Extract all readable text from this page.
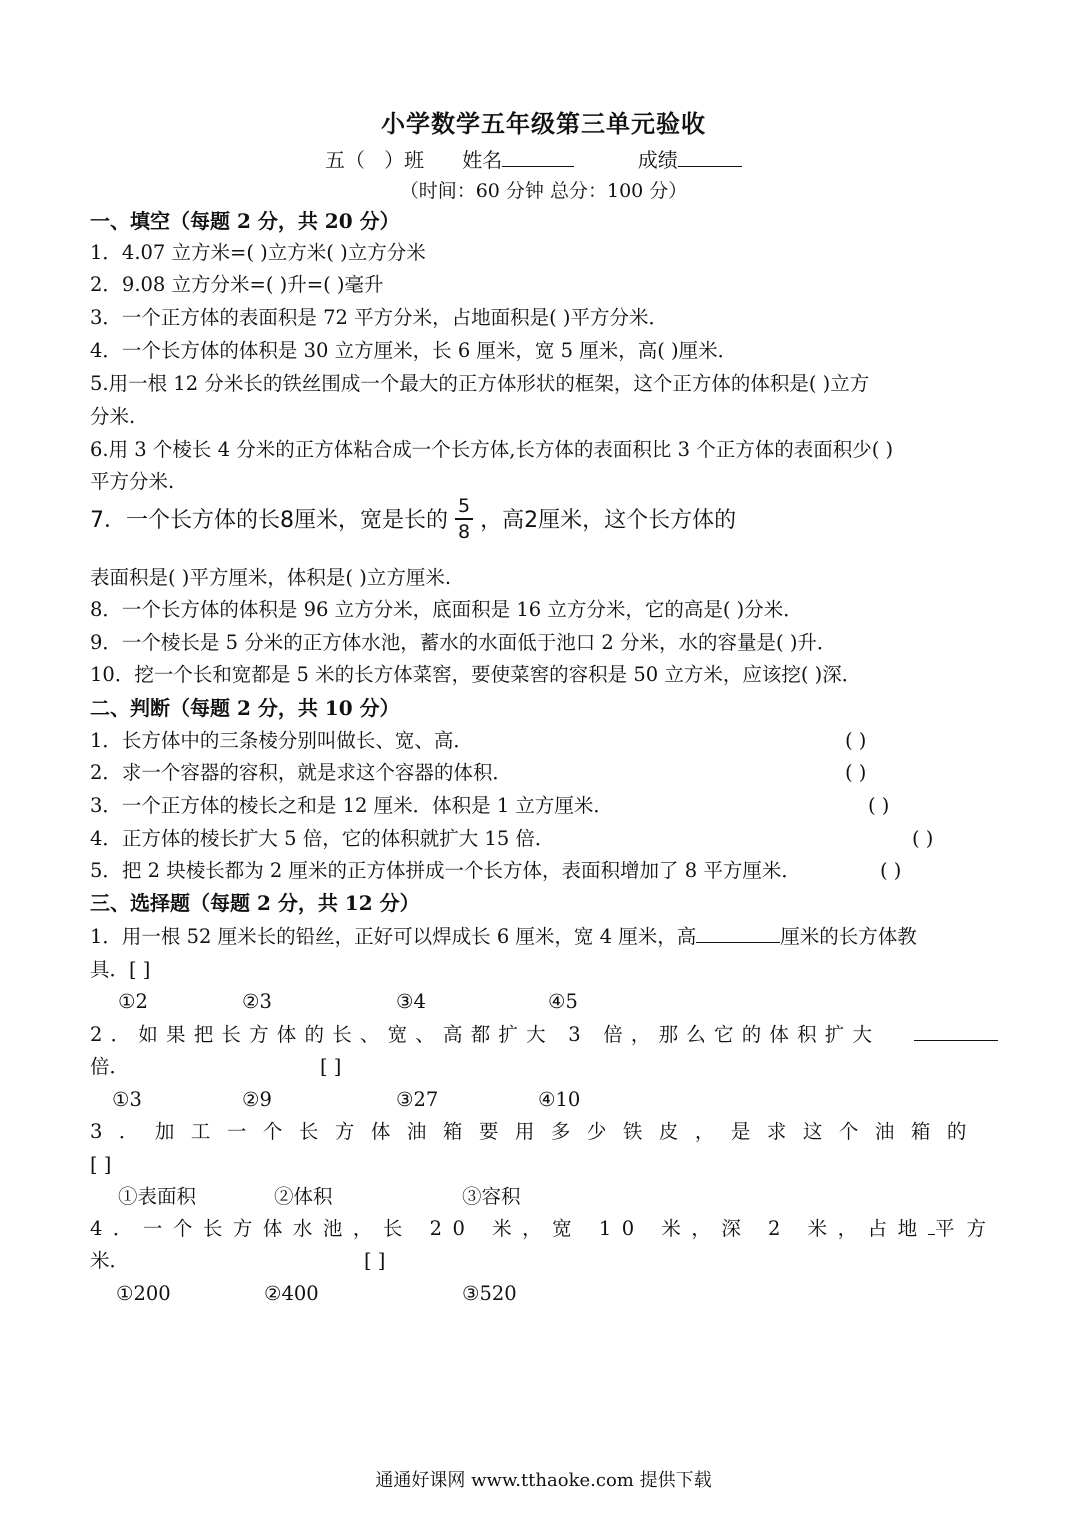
小学数学五年级第三单元验收
五（   ）班      姓名	成绩
（时间：60 分钟 总分：100 分）
一、填空（每题 2 分，共 20 分）
1．4.07 立方米=( )立方米( )立方分米
2．9.08 立方分米=( )升=( )毫升
3．一个正方体的表面积是 72 平方分米，占地面积是( )平方分米．
4．一个长方体的体积是 30 立方厘米，长 6 厘米，宽 5 厘米，高( )厘米．
5.用一根 12 分米长的铁丝围成一个最大的正方体形状的框架，这个正方体的体积是( )立方
分米.
6.用 3 个棱长 4 分米的正方体粘合成一个长方体,长方体的表面积比 3 个正方体的表面积少( )
平方分米.
7．一个长方体的长8厘米，宽是长的 $\frac{5}{8}$ ，高2厘米，这个长方体的
表面积是( )平方厘米，体积是( )立方厘米.
8．一个长方体的体积是 96 立方分米，底面积是 16 立方分米，它的高是( )分米．
9．一个棱长是 5 分米的正方体水池，蓄水的水面低于池口 2 分米，水的容量是( )升．
10．挖一个长和宽都是 5 米的长方体菜窖，要使菜窖的容积是 50 立方米，应该挖( )深．
二、判断（每题 2 分，共 10 分）
1．长方体中的三条棱分别叫做长、宽、高．	( )
2．求一个容器的容积，就是求这个容器的体积．	( )
3．一个正方体的棱长之和是 12 厘米．体积是 1 立方厘米．	( )
4．正方体的棱长扩大 5 倍，它的体积就扩大 15 倍．	( )
5．把 2 块棱长都为 2 厘米的正方体拼成一个长方体，表面积增加了 8 平方厘米．	( )
三、选择题（每题 2 分，共 12 分）
1．用一根 52 厘米长的铅丝，正好可以焊成长 6 厘米，宽 4 厘米，高	厘米的长方体教
具．[ ]
①2	②3	③4	④5
2．如果把长方体的长、宽、高都扩大 3 倍，那么它的体积扩大
倍．	[ ]
①3	②9	③27	④10
3．加工一个长方体油箱要用多少铁皮，是求这个油箱的
[ ]
①表面积	②体积	③容积
4．一个长方体水池，长 20 米，宽 10 米，深 2 米，占地 平方
米．	[ ]
①200	②400	③520
通通好课网 www.tthaoke.com 提供下载
